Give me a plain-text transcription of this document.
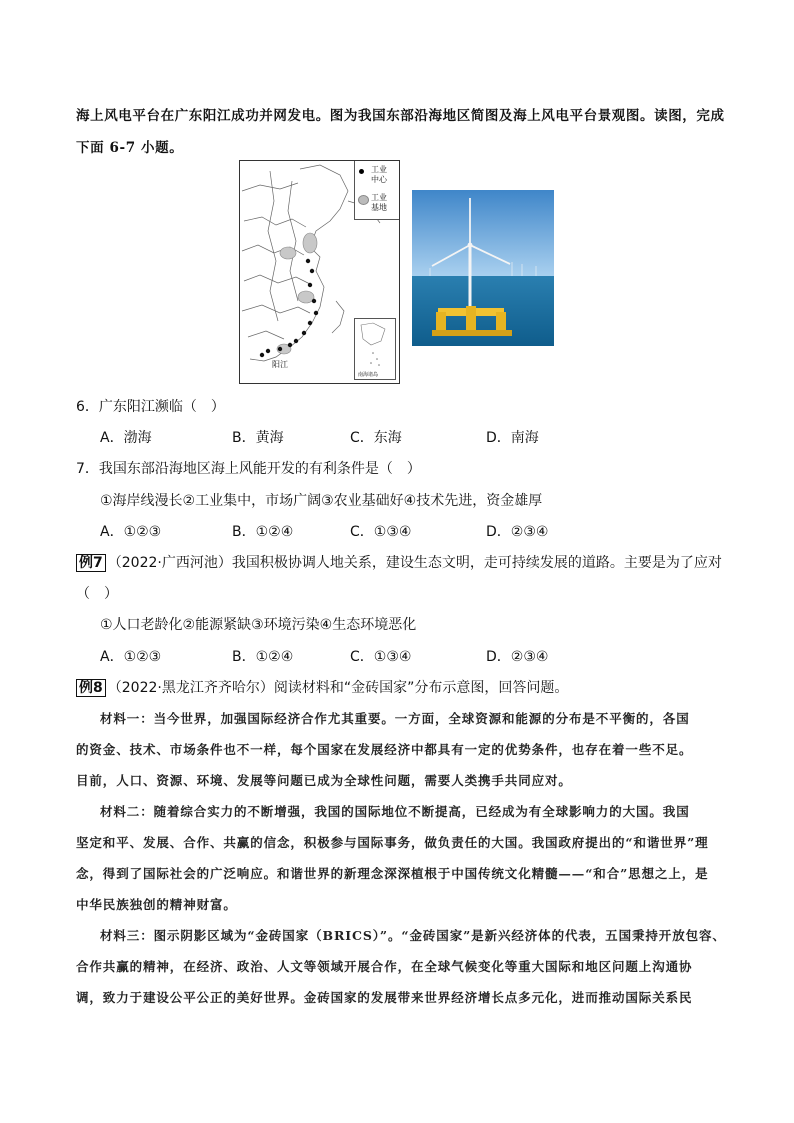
海上风电平台在广东阳江成功并网发电。图为我国东部沿海地区简图及海上风电平台景观图。读图，完成
下面 6-7 小题。
工业
中心
工业
基地
南海诸岛
阳江
6．广东阳江濒临（　）
A．渤海	B．黄海	C．东海	D．南海
7．我国东部沿海地区海上风能开发的有利条件是（　）
①海岸线漫长②工业集中，市场广阔③农业基础好④技术先进，资金雄厚
A．①②③	B．①②④	C．①③④	D．②③④
例7 （2022·广西河池）我国积极协调人地关系，建设生态文明，走可持续发展的道路。主要是为了应对
（　）
①人口老龄化②能源紧缺③环境污染④生态环境恶化
A．①②③	B．①②④	C．①③④	D．②③④
例8 （2022·黑龙江齐齐哈尔）阅读材料和“金砖国家”分布示意图，回答问题。
材料一：当今世界，加强国际经济合作尤其重要。一方面，全球资源和能源的分布是不平衡的，各国
的资金、技术、市场条件也不一样，每个国家在发展经济中都具有一定的优势条件，也存在着一些不足。
目前，人口、资源、环境、发展等问题已成为全球性问题，需要人类携手共同应对。
材料二：随着综合实力的不断增强，我国的国际地位不断提高，已经成为有全球影响力的大国。我国
坚定和平、发展、合作、共赢的信念，积极参与国际事务，做负责任的大国。我国政府提出的“和谐世界”理
念，得到了国际社会的广泛响应。和谐世界的新理念深深植根于中国传统文化精髓——“和合”思想之上，是
中华民族独创的精神财富。
材料三：图示阴影区域为“金砖国家（BRICS）”。“金砖国家”是新兴经济体的代表，五国秉持开放包容、
合作共赢的精神，在经济、政治、人文等领域开展合作，在全球气候变化等重大国际和地区问题上沟通协
调，致力于建设公平公正的美好世界。金砖国家的发展带来世界经济增长点多元化，进而推动国际关系民
